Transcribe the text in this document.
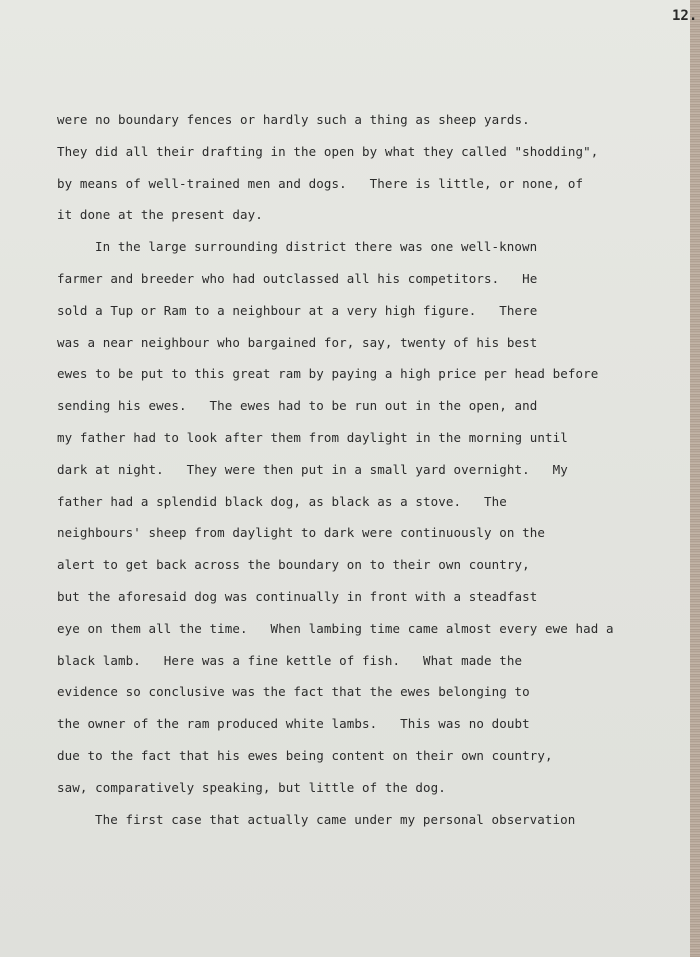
12.

were no boundary fences or hardly such a thing as sheep yards.
They did all their drafting in the open by what they called "shodding",
by means of well-trained men and dogs.   There is little, or none, of
it done at the present day.
In the large surrounding district there was one well-known
farmer and breeder who had outclassed all his competitors.   He
sold a Tup or Ram to a neighbour at a very high figure.   There
was a near neighbour who bargained for, say, twenty of his best
ewes to be put to this great ram by paying a high price per head before
sending his ewes.   The ewes had to be run out in the open, and
my father had to look after them from daylight in the morning until
dark at night.   They were then put in a small yard overnight.   My
father had a splendid black dog, as black as a stove.   The
neighbours' sheep from daylight to dark were continuously on the
alert to get back across the boundary on to their own country,
but the aforesaid dog was continually in front with a steadfast
eye on them all the time.   When lambing time came almost every ewe had a
black lamb.   Here was a fine kettle of fish.   What made the
evidence so conclusive was the fact that the ewes belonging to
the owner of the ram produced white lambs.   This was no doubt
due to the fact that his ewes being content on their own country,
saw, comparatively speaking, but little of the dog.
The first case that actually came under my personal observation
